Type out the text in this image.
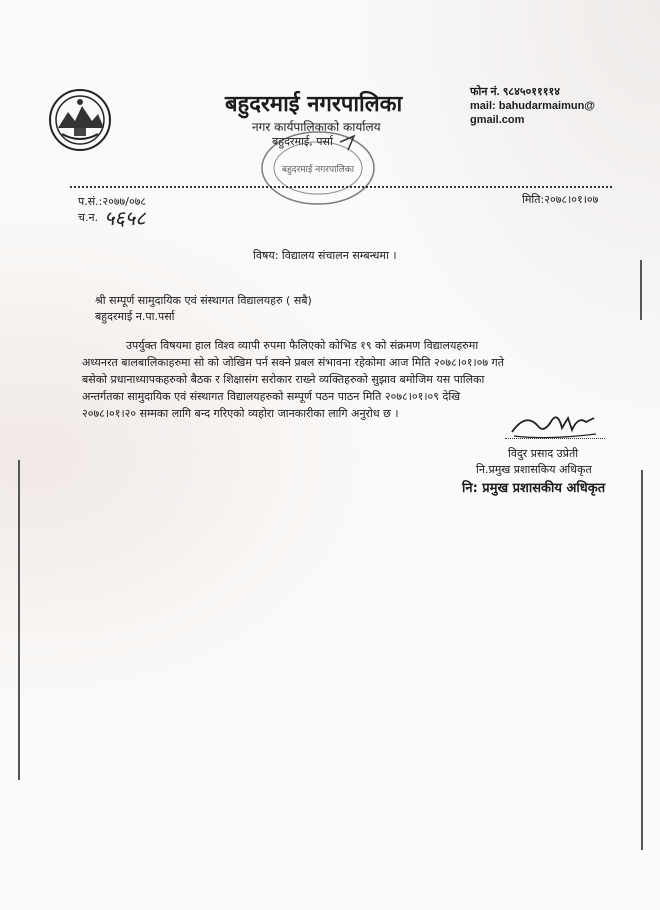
बहुदरमाई नगरपालिका
नगर कार्यपालिकाको कार्यालय
बहुदरमाई, पर्सा
फोन नं. ९८४५०११११४
mail: bahudarmaimun@
gmail.com
बहुदरमाई नगरपालिका
प.सं.:२०७७/०७८
च.न. ५६५८
मिति:२०७८।०१।०७
विषय: विद्यालय संचालन सम्बन्धमा ।
श्री सम्पूर्ण सामुदायिक एवं संस्थागत विद्यालयहरु ( सबै)
बहुदरमाई न.पा.पर्सा
उपर्युक्त विषयमा हाल विश्व व्यापी रुपमा फैलिएको कोभिड १९ को संक्रमण विद्यालयहरुमा
अध्यनरत बालबालिकाहरुमा सो को जोखिम पर्न सक्ने प्रबल संभावना रहेकोमा आज मिति २०७८।०१।०७ गते
बसेको प्रधानाध्यापकहरुको बैठक र शिक्षासंग सरोकार राख्ने व्यक्तिहरुको सुझाव बमोजिम यस पालिका
अन्तर्गतका सामुदायिक एवं संस्थागत विद्यालयहरुको सम्पूर्ण पठन पाठन मिति २०७८।०१।०९ देखि
२०७८।०१।२० सम्मका लागि बन्द गरिएको व्यहोरा जानकारीका लागि अनुरोध छ ।
विदुर प्रसाद उप्रेती
नि.प्रमुख प्रशासकिय अधिकृत
नि: प्रमुख प्रशासकीय अधिकृत
